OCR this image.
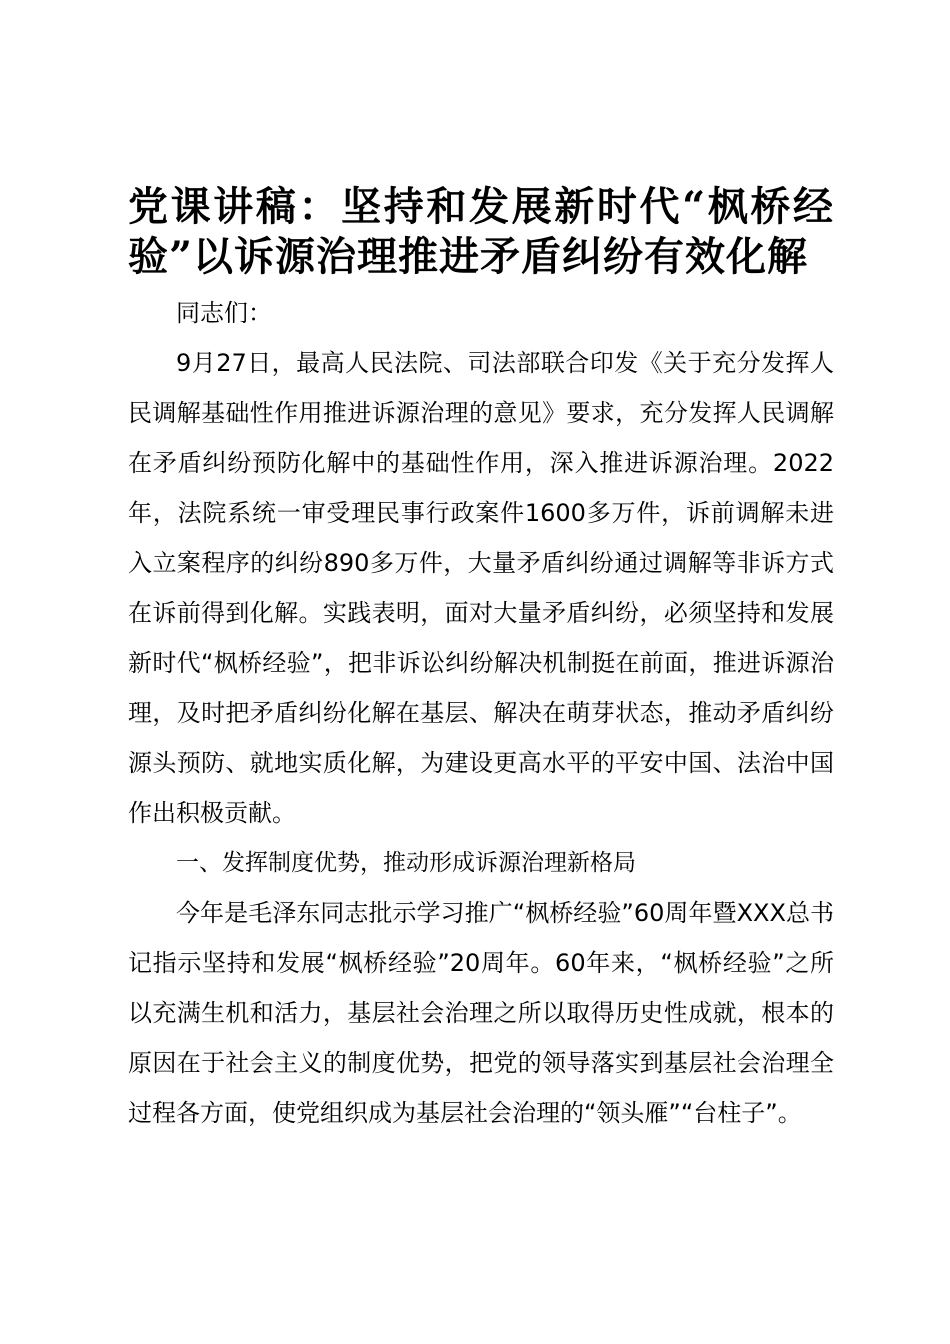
党课讲稿：坚持和发展新时代“枫桥经验”以诉源治理推进矛盾纠纷有效化解

同志们：

9月27日，最高人民法院、司法部联合印发《关于充分发挥人民调解基础性作用推进诉源治理的意见》要求，充分发挥人民调解在矛盾纠纷预防化解中的基础性作用，深入推进诉源治理。2022年，法院系统一审受理民事行政案件1600多万件，诉前调解未进入立案程序的纠纷890多万件，大量矛盾纠纷通过调解等非诉方式在诉前得到化解。实践表明，面对大量矛盾纠纷，必须坚持和发展新时代“枫桥经验”，把非诉讼纠纷解决机制挺在前面，推进诉源治理，及时把矛盾纠纷化解在基层、解决在萌芽状态，推动矛盾纠纷源头预防、就地实质化解，为建设更高水平的平安中国、法治中国作出积极贡献。

一、发挥制度优势，推动形成诉源治理新格局

今年是毛泽东同志批示学习推广“枫桥经验”60周年暨XXX总书记指示坚持和发展“枫桥经验”20周年。60年来，“枫桥经验”之所以充满生机和活力，基层社会治理之所以取得历史性成就，根本的原因在于社会主义的制度优势，把党的领导落实到基层社会治理全过程各方面，使党组织成为基层社会治理的“领头雁”“台柱子”。
